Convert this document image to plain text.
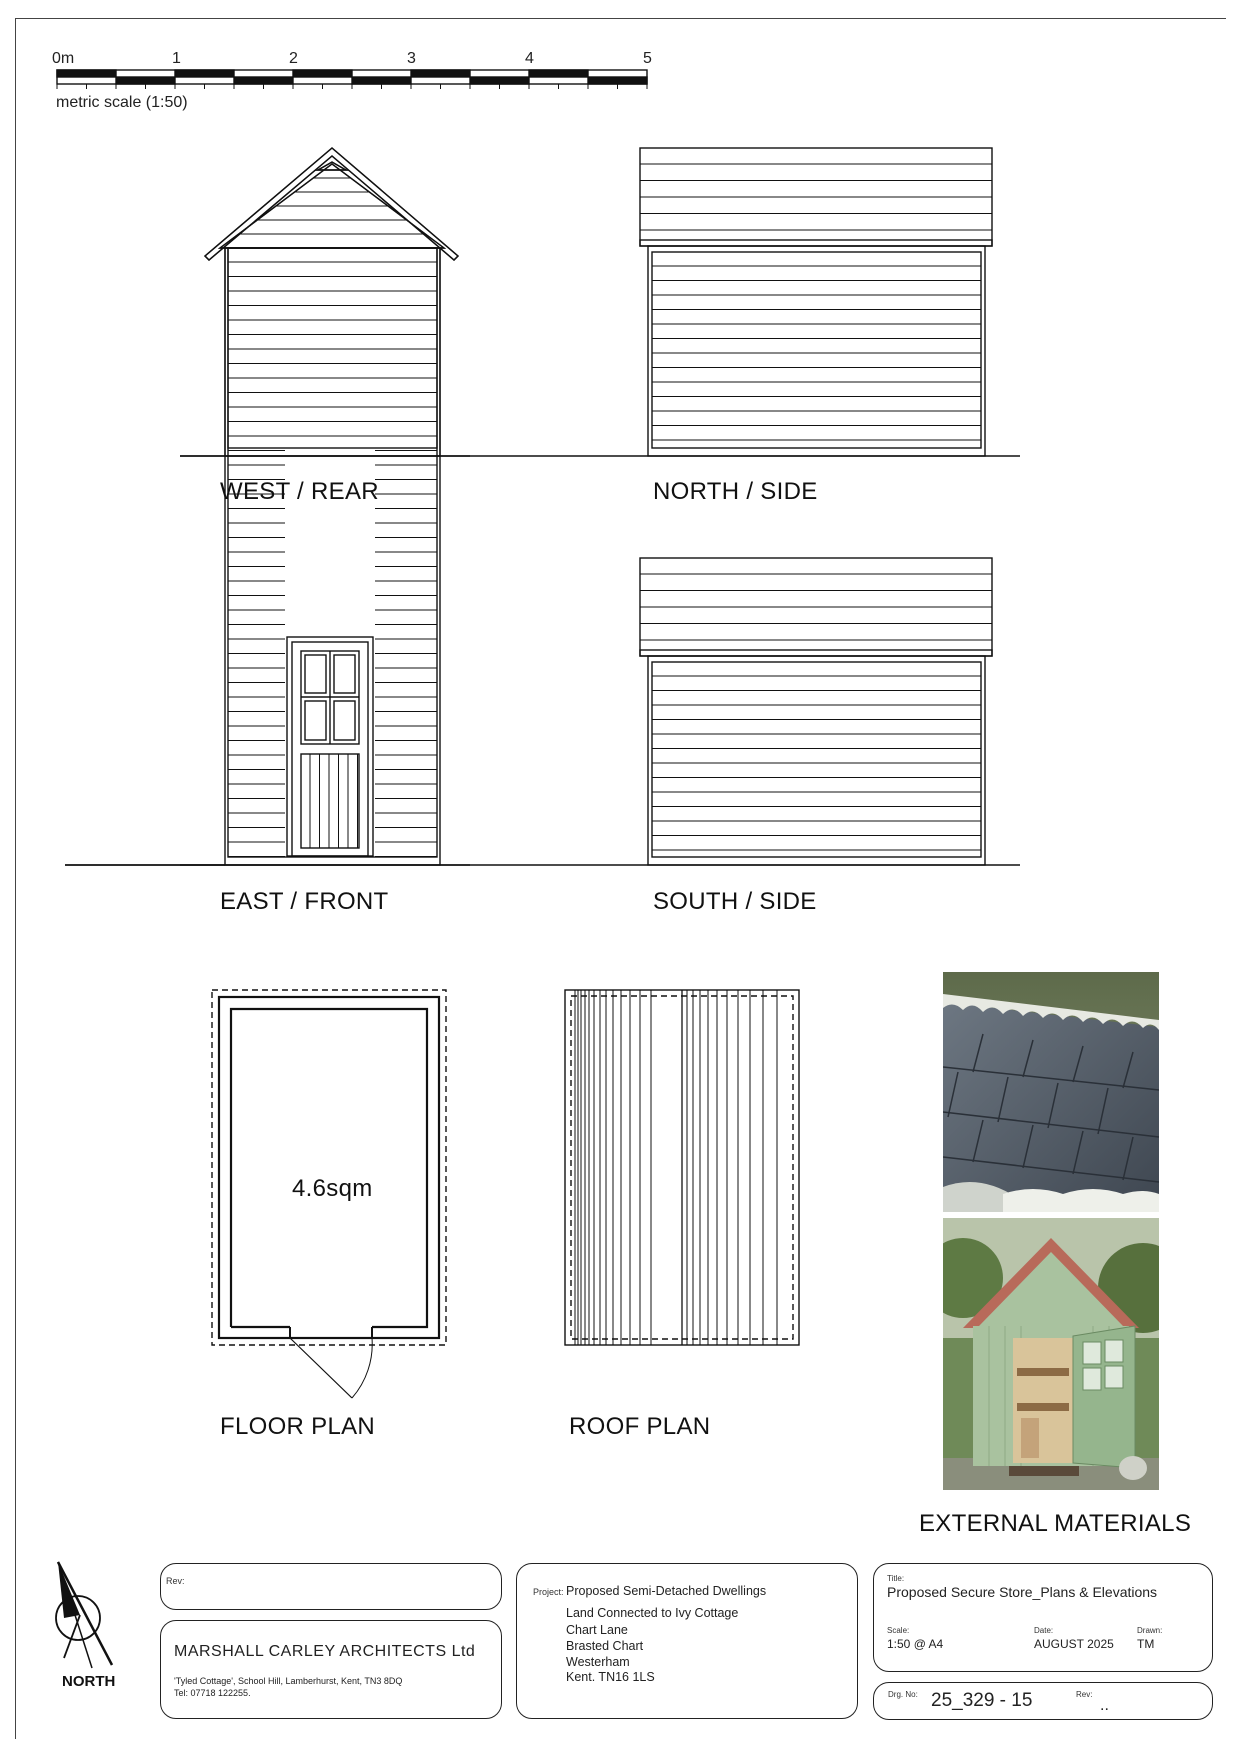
0m	1	2	3	4	5
metric scale (1:50)
WEST / REAR	NORTH / SIDE
EAST / FRONT	SOUTH / SIDE
FLOOR PLAN	ROOF PLAN
4.6sqm
EXTERNAL MATERIALS
NORTH
Rev:
MARSHALL CARLEY ARCHITECTS Ltd
'Tyled Cottage', School Hill, Lamberhurst, Kent, TN3 8DQ
Tel: 07718 122255.
Project: Proposed Semi-Detached Dwellings
Land Connected to Ivy Cottage
Chart Lane
Brasted Chart
Westerham
Kent. TN16 1LS
Title:
Proposed Secure Store_Plans & Elevations
Scale:
1:50 @ A4
Date:
AUGUST 2025
Drawn:
TM
Drg. No: 25_329 - 15	Rev:
..
